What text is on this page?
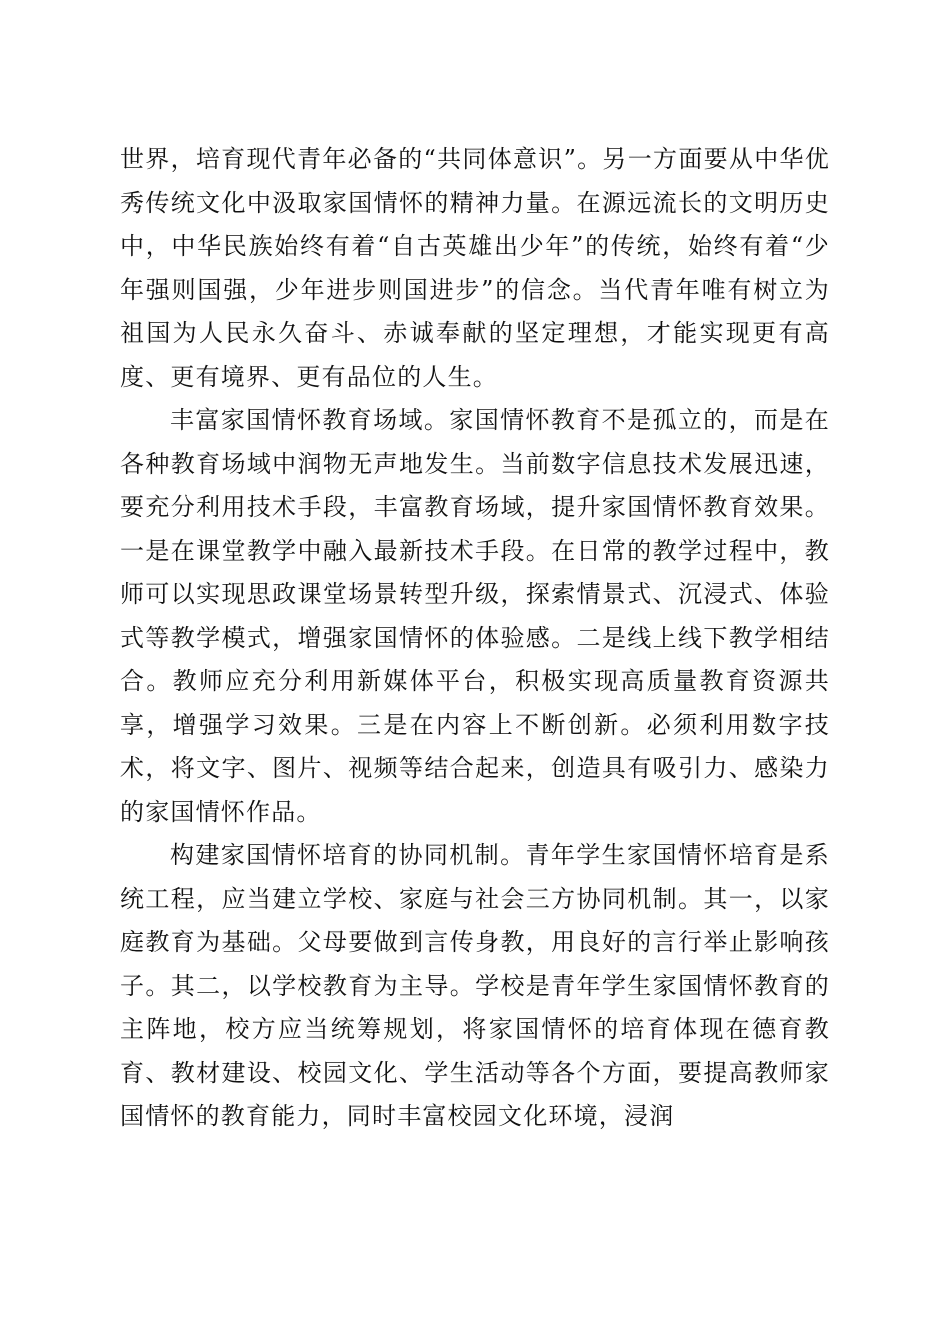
世界，培育现代青年必备的“共同体意识”。另一方面要从中华优秀传统文化中汲取家国情怀的精神力量。在源远流长的文明历史中，中华民族始终有着“自古英雄出少年”的传统，始终有着“少年强则国强，少年进步则国进步”的信念。当代青年唯有树立为祖国为人民永久奋斗、赤诚奉献的坚定理想，才能实现更有高度、更有境界、更有品位的人生。

丰富家国情怀教育场域。家国情怀教育不是孤立的，而是在各种教育场域中润物无声地发生。当前数字信息技术发展迅速，要充分利用技术手段，丰富教育场域，提升家国情怀教育效果。一是在课堂教学中融入最新技术手段。在日常的教学过程中，教师可以实现思政课堂场景转型升级，探索情景式、沉浸式、体验式等教学模式，增强家国情怀的体验感。二是线上线下教学相结合。教师应充分利用新媒体平台，积极实现高质量教育资源共享，增强学习效果。三是在内容上不断创新。必须利用数字技术，将文字、图片、视频等结合起来，创造具有吸引力、感染力的家国情怀作品。

构建家国情怀培育的协同机制。青年学生家国情怀培育是系统工程，应当建立学校、家庭与社会三方协同机制。其一，以家庭教育为基础。父母要做到言传身教，用良好的言行举止影响孩子。其二，以学校教育为主导。学校是青年学生家国情怀教育的主阵地，校方应当统筹规划，将家国情怀的培育体现在德育教育、教材建设、校园文化、学生活动等各个方面，要提高教师家国情怀的教育能力，同时丰富校园文化环境，浸润
